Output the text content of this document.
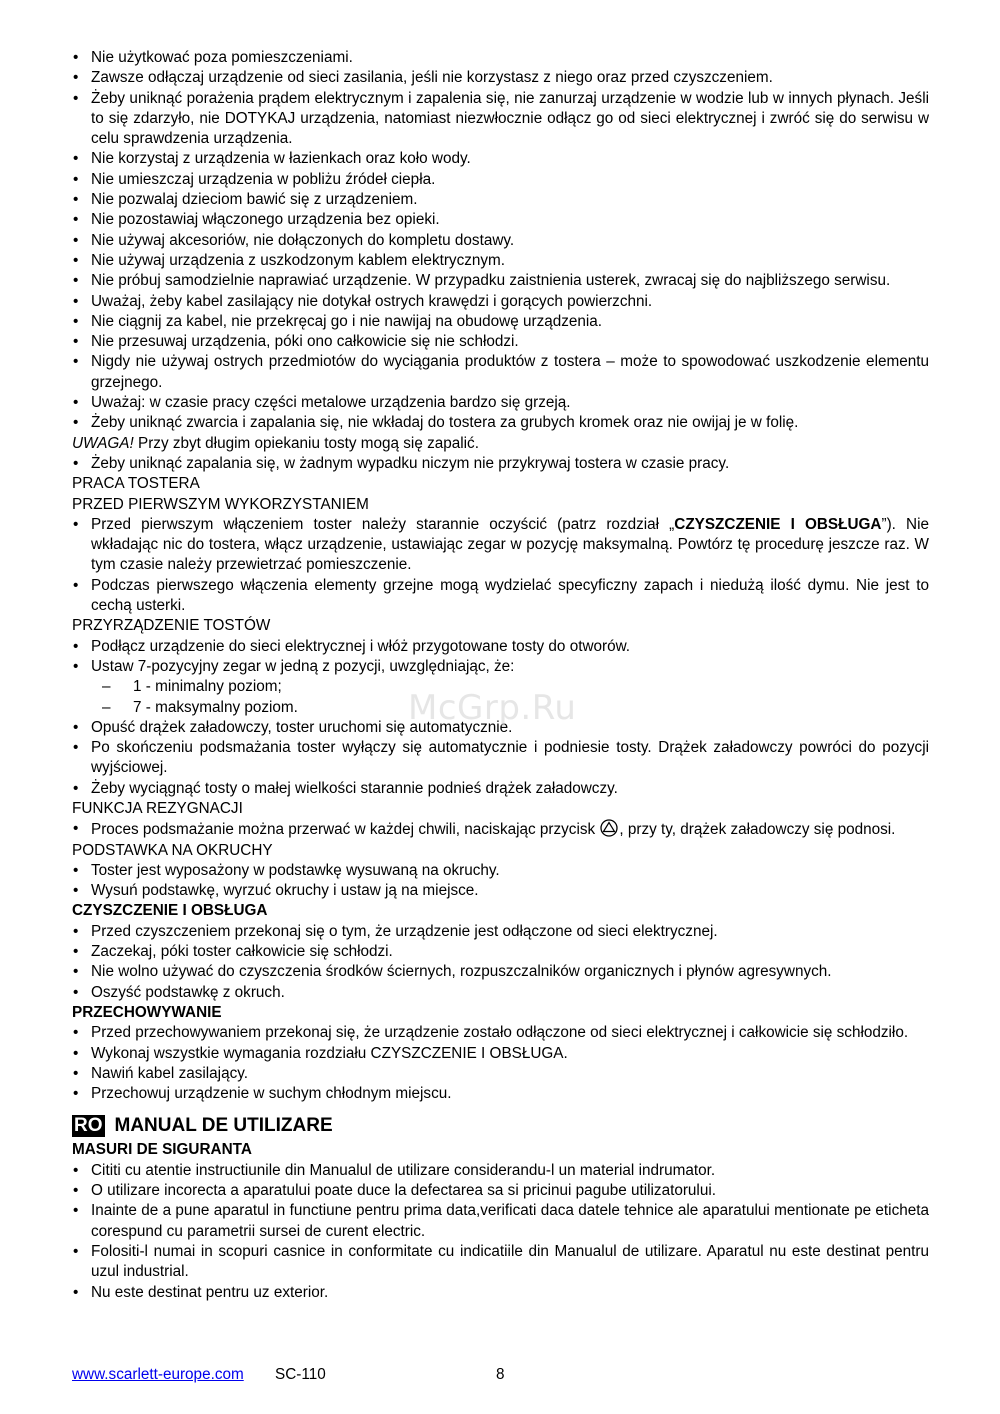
• Nie użytkować poza pomieszczeniami.
• Zawsze odłączaj urządzenie od sieci zasilania, jeśli nie korzystasz z niego oraz przed czyszczeniem.
• Żeby uniknąć porażenia prądem elektrycznym i zapalenia się, nie zanurzaj urządzenie w wodzie lub w innych płynach. Jeśli to się zdarzyło, nie DOTYKAJ urządzenia, natomiast niezwłocznie odłącz go od sieci elektrycznej i zwróć się do serwisu w celu sprawdzenia urządzenia.
• Nie korzystaj z urządzenia w łazienkach oraz koło wody.
• Nie umieszczaj urządzenia w pobliżu źródeł ciepła.
• Nie pozwalaj dzieciom bawić się z urządzeniem.
• Nie pozostawiaj włączonego urządzenia bez opieki.
• Nie używaj akcesoriów, nie dołączonych do kompletu dostawy.
• Nie używaj urządzenia z uszkodzonym kablem elektrycznym.
• Nie próbuj samodzielnie naprawiać urządzenie. W przypadku zaistnienia usterek, zwracaj się do najbliższego serwisu.
• Uważaj, żeby kabel zasilający nie dotykał ostrych krawędzi i gorących powierzchni.
• Nie ciągnij za kabel, nie przekręcaj go i nie nawijaj na obudowę urządzenia.
• Nie przesuwaj urządzenia, póki ono całkowicie się nie schłodzi.
• Nigdy nie używaj ostrych przedmiotów do wyciągania produktów z tostera – może to spowodować uszkodzenie elementu grzejnego.
• Uważaj: w czasie pracy części metalowe urządzenia bardzo się grzeją.
• Żeby uniknąć zwarcia i zapalania się, nie wkładaj do tostera za grubych kromek oraz nie owijaj je w folię.
UWAGA! Przy zbyt długim opiekaniu tosty mogą się zapalić.
• Żeby uniknąć zapalania się, w żadnym wypadku niczym nie przykrywaj tostera w czasie pracy.
PRACA TOSTERA
PRZED PIERWSZYM WYKORZYSTANIEM
• Przed pierwszym włączeniem toster należy starannie oczyścić (patrz rozdział „CZYSZCZENIE I OBSŁUGA”). Nie wkładając nic do tostera, włącz urządzenie, ustawiając zegar w pozycję maksymalną. Powtórz tę procedurę jeszcze raz. W tym czasie należy przewietrzać pomieszczenie.
• Podczas pierwszego włączenia elementy grzejne mogą wydzielać specyficzny zapach i niedużą ilość dymu. Nie jest to cechą usterki.
PRZYRZĄDZENIE TOSTÓW
• Podłącz urządzenie do sieci elektrycznej i włóż przygotowane tosty do otworów.
• Ustaw 7-pozycyjny zegar w jedną z pozycji, uwzględniając, że:
– 1 - minimalny poziom;
– 7 - maksymalny poziom.
• Opuść drążek załadowczy, toster uruchomi się automatycznie.
• Po skończeniu podsmażania toster wyłączy się automatycznie i podniesie tosty. Drążek załadowczy powróci do pozycji wyjściowej.
• Żeby wyciągnąć tosty o małej wielkości starannie podnieś drążek załadowczy.
FUNKCJA REZYGNACJI
• Proces podsmażanie można przerwać w każdej chwili, naciskając przycisk , przy ty, drążek załadowczy się podnosi.
PODSTAWKA NA OKRUCHY
• Toster jest wyposażony w podstawkę wysuwaną na okruchy.
• Wysuń podstawkę, wyrzuć okruchy i ustaw ją na miejsce.
CZYSZCZENIE I OBSŁUGA
• Przed czyszczeniem przekonaj się o tym, że urządzenie jest odłączone od sieci elektrycznej.
• Zaczekaj, póki toster całkowicie się schłodzi.
• Nie wolno używać do czyszczenia środków ściernych, rozpuszczalników organicznych i płynów agresywnych.
• Oszyść podstawkę z okruch.
PRZECHOWYWANIE
• Przed przechowywaniem przekonaj się, że urządzenie zostało odłączone od sieci elektrycznej i całkowicie się schłodziło.
• Wykonaj wszystkie wymagania rozdziału CZYSZCZENIE I OBSŁUGA.
• Nawiń kabel zasilający.
• Przechowuj urządzenie w suchym chłodnym miejscu.
RO MANUAL DE UTILIZARE
MASURI DE SIGURANTA
• Cititi cu atentie instructiunile din Manualul de utilizare considerandu-l un material indrumator.
• O utilizare incorecta a aparatului poate duce la defectarea sa si pricinui pagube utilizatorului.
• Inainte de a pune aparatul in functiune pentru prima data,verificati daca datele tehnice ale aparatului mentionate pe eticheta corespund cu parametrii sursei de curent electric.
• Folositi-l numai in scopuri casnice in conformitate cu indicatiile din Manualul de utilizare. Aparatul nu este destinat pentru uzul industrial.
• Nu este destinat pentru uz exterior.
McGrp.Ru
www.scarlett-europe.com SC-110	8
